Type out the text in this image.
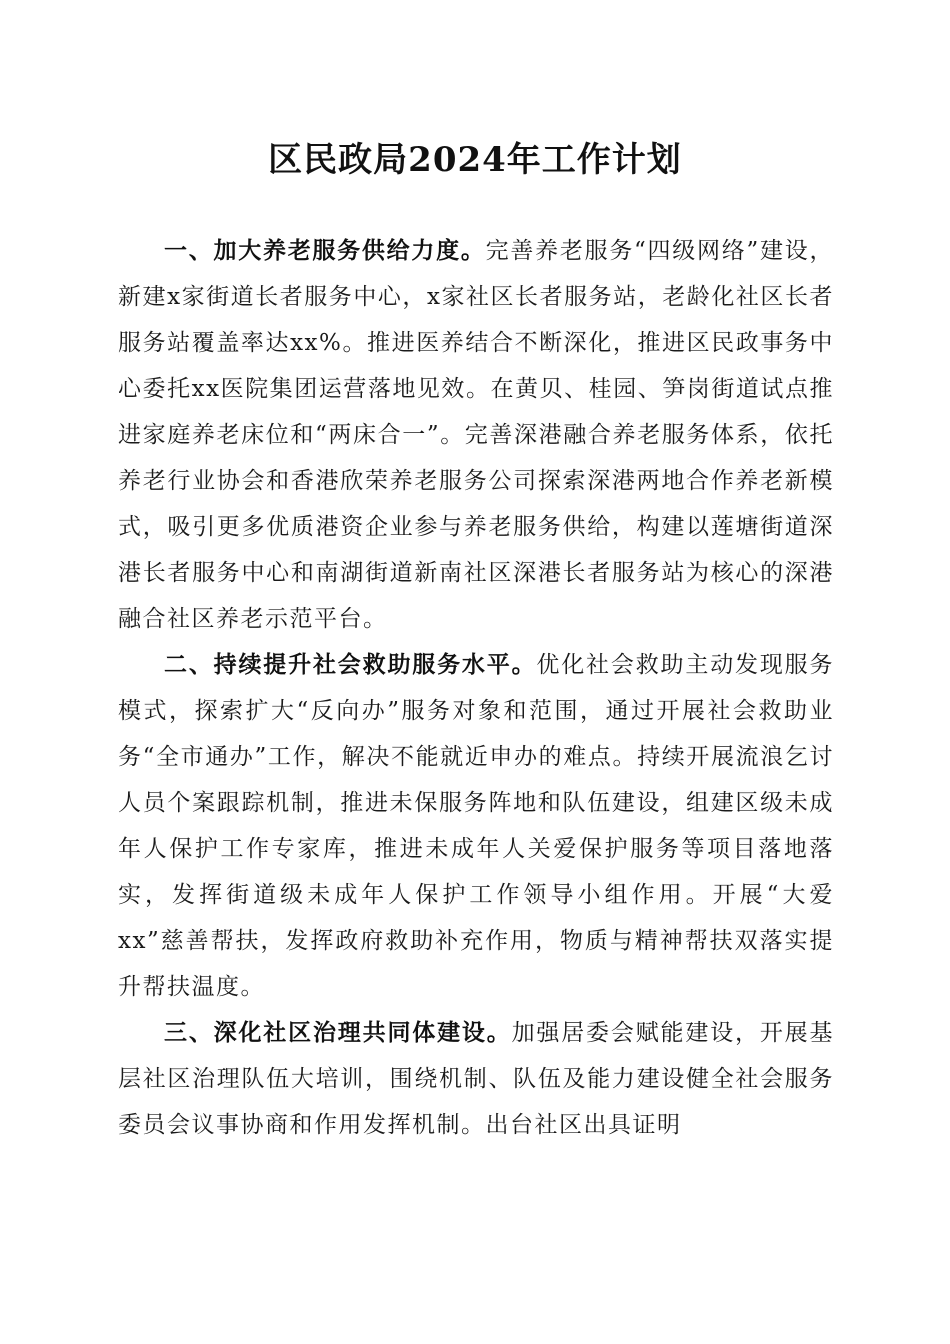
区民政局2024年工作计划

一、加大养老服务供给力度。完善养老服务“四级网络”建设，新建x家街道长者服务中心，x家社区长者服务站，老龄化社区长者服务站覆盖率达xx%。推进医养结合不断深化，推进区民政事务中心委托xx医院集团运营落地见效。在黄贝、桂园、笋岗街道试点推进家庭养老床位和“两床合一”。完善深港融合养老服务体系，依托养老行业协会和香港欣荣养老服务公司探索深港两地合作养老新模式，吸引更多优质港资企业参与养老服务供给，构建以莲塘街道深港长者服务中心和南湖街道新南社区深港长者服务站为核心的深港融合社区养老示范平台。

二、持续提升社会救助服务水平。优化社会救助主动发现服务模式，探索扩大“反向办”服务对象和范围，通过开展社会救助业务“全市通办”工作，解决不能就近申办的难点。持续开展流浪乞讨人员个案跟踪机制，推进未保服务阵地和队伍建设，组建区级未成年人保护工作专家库，推进未成年人关爱保护服务等项目落地落实，发挥街道级未成年人保护工作领导小组作用。开展“大爱xx”慈善帮扶，发挥政府救助补充作用，物质与精神帮扶双落实提升帮扶温度。

三、深化社区治理共同体建设。加强居委会赋能建设，开展基层社区治理队伍大培训，围绕机制、队伍及能力建设健全社会服务委员会议事协商和作用发挥机制。出台社区出具证明
